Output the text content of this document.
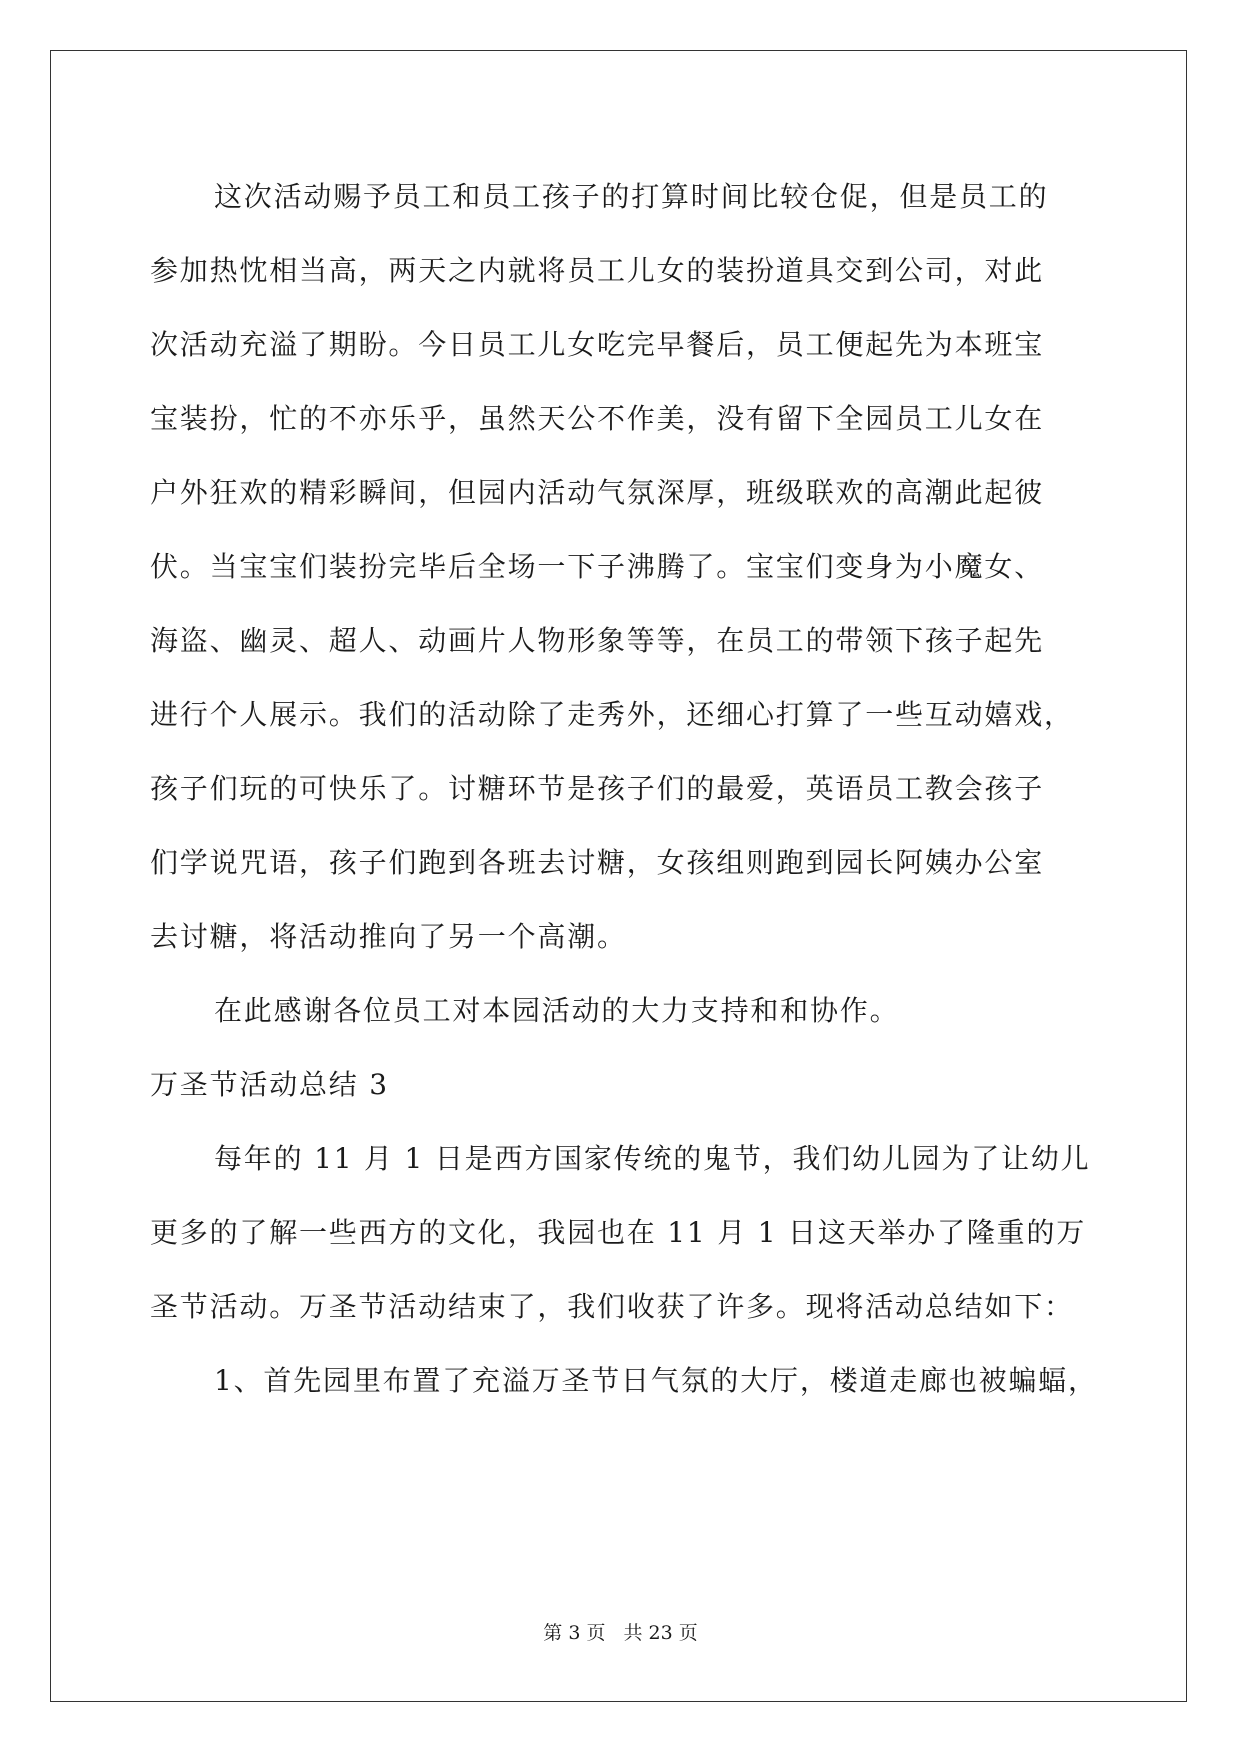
这次活动赐予员工和员工孩子的打算时间比较仓促，但是员工的
参加热忱相当高，两天之内就将员工儿女的装扮道具交到公司，对此
次活动充溢了期盼。今日员工儿女吃完早餐后，员工便起先为本班宝
宝装扮，忙的不亦乐乎，虽然天公不作美，没有留下全园员工儿女在
户外狂欢的精彩瞬间，但园内活动气氛深厚，班级联欢的高潮此起彼
伏。当宝宝们装扮完毕后全场一下子沸腾了。宝宝们变身为小魔女、
海盗、幽灵、超人、动画片人物形象等等，在员工的带领下孩子起先
进行个人展示。我们的活动除了走秀外，还细心打算了一些互动嬉戏，
孩子们玩的可快乐了。讨糖环节是孩子们的最爱，英语员工教会孩子
们学说咒语，孩子们跑到各班去讨糖，女孩组则跑到园长阿姨办公室
去讨糖，将活动推向了另一个高潮。
在此感谢各位员工对本园活动的大力支持和和协作。
万圣节活动总结 3
每年的 11 月 1 日是西方国家传统的鬼节，我们幼儿园为了让幼儿
更多的了解一些西方的文化，我园也在 11 月 1 日这天举办了隆重的万
圣节活动。万圣节活动结束了，我们收获了许多。现将活动总结如下：
1、首先园里布置了充溢万圣节日气氛的大厅，楼道走廊也被蝙蝠，
第 3 页 共 23 页
